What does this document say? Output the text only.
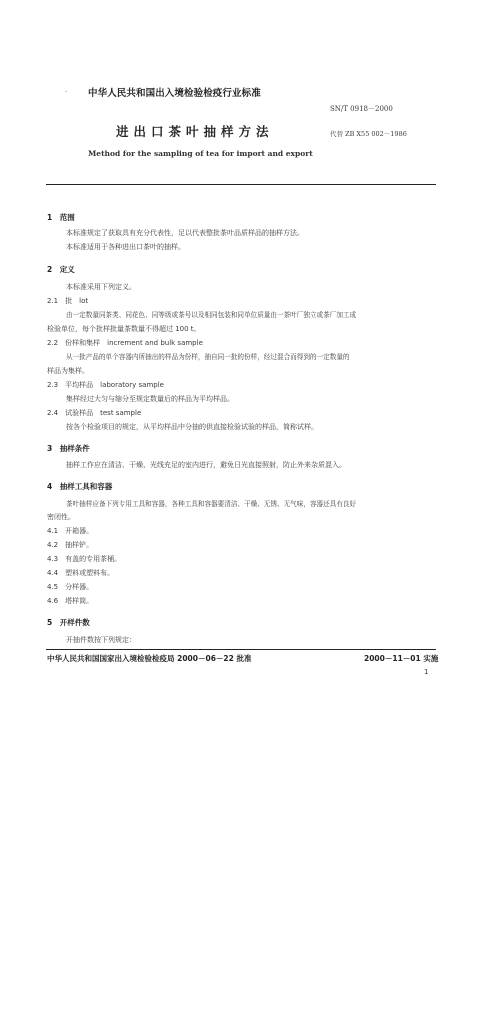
· 中华人民共和国出入境检验检疫行业标准
SN/T 0918－2000
进出口茶叶抽样方法	代替 ZB X55 002－1986
Method for the sampling of tea for import and export
1　范围
本标准规定了获取具有充分代表性，足以代表整批茶叶品质样品的抽样方法。
本标准适用于各种进出口茶叶的抽样。
2　定义
本标准采用下列定义。
2.1　批　lot
由一定数量同茶类、同花色、同等级或茶号以及相同包装和同单位质量由一茶叶厂独立或茶厂加工成
检验单位，每个批样批量茶数量不得超过 100 t。
2.2　份样和集样　increment and bulk sample
从一批产品的单个容器内所抽出的样品为份样，抽自同一批的份样，经过混合而得到的一定数量的
样品为集样。
2.3　平均样品　laboratory sample
集样经过大匀与缩分至规定数量后的样品为平均样品。
2.4　试验样品　test sample
按各个检验项目的规定，从平均样品中分抽的供直接检验试验的样品，简称试样。
3　抽样条件
抽样工作应在清洁、干燥、光线充足的室内进行，避免日光直接照射，防止外来杂质混入。
4　抽样工具和容器
茶叶抽样应备下列专用工具和容器，各种工具和容器要清洁、干燥、无锈、无气味，容器还具有良好
密闭性。
4.1　开箱器。
4.2　抽样铲。
4.3　有盖的专用茶桶。
4.4　塑料或塑料布。
4.5　分样器。
4.6　塔样筒。
5　开样件数
开抽件数按下列规定：
中华人民共和国国家出入境检验检疫局 2000－06－22 批准	2000－11－01 实施
1
